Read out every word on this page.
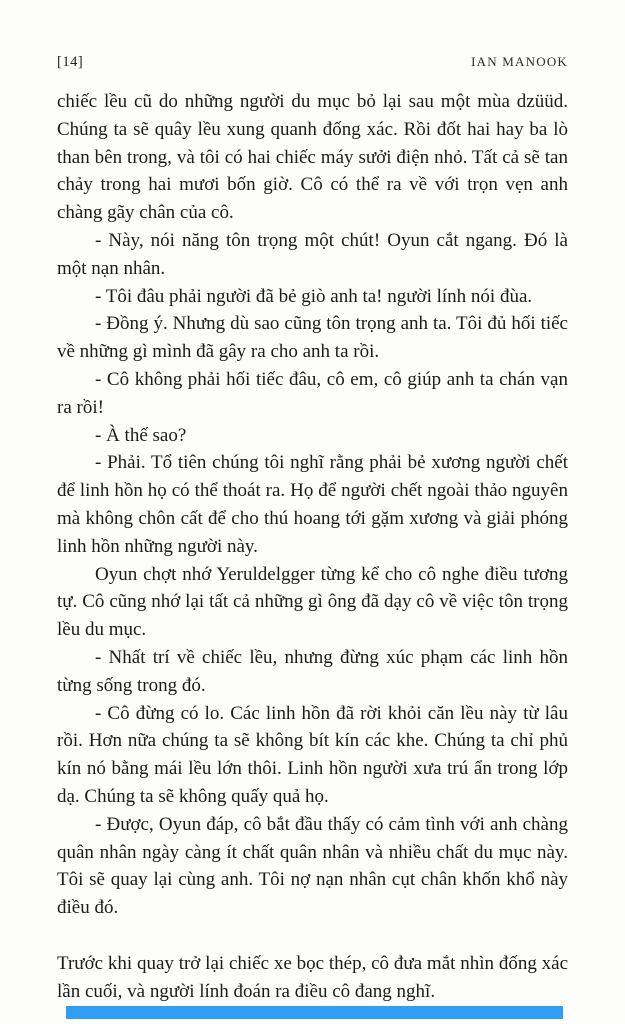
[14]	IAN MANOOK

chiếc lều cũ do những người du mục bỏ lại sau một mùa dzüüd. Chúng ta sẽ quây lều xung quanh đống xác. Rồi đốt hai hay ba lò than bên trong, và tôi có hai chiếc máy sưởi điện nhỏ. Tất cả sẽ tan chảy trong hai mươi bốn giờ. Cô có thể ra về với trọn vẹn anh chàng gãy chân của cô.

- Này, nói năng tôn trọng một chút! Oyun cắt ngang. Đó là một nạn nhân.

- Tôi đâu phải người đã bẻ giò anh ta! người lính nói đùa.

- Đồng ý. Nhưng dù sao cũng tôn trọng anh ta. Tôi đủ hối tiếc về những gì mình đã gây ra cho anh ta rồi.

- Cô không phải hối tiếc đâu, cô em, cô giúp anh ta chán vạn ra rồi!

- À thế sao?

- Phải. Tổ tiên chúng tôi nghĩ rằng phải bẻ xương người chết để linh hồn họ có thể thoát ra. Họ để người chết ngoài thảo nguyên mà không chôn cất để cho thú hoang tới gặm xương và giải phóng linh hồn những người này.

Oyun chợt nhớ Yeruldelgger từng kể cho cô nghe điều tương tự. Cô cũng nhớ lại tất cả những gì ông đã dạy cô về việc tôn trọng lều du mục.

- Nhất trí về chiếc lều, nhưng đừng xúc phạm các linh hồn từng sống trong đó.

- Cô đừng có lo. Các linh hồn đã rời khỏi căn lều này từ lâu rồi. Hơn nữa chúng ta sẽ không bít kín các khe. Chúng ta chỉ phủ kín nó bằng mái lều lớn thôi. Linh hồn người xưa trú ẩn trong lớp dạ. Chúng ta sẽ không quấy quả họ.

- Được, Oyun đáp, cô bắt đầu thấy có cảm tình với anh chàng quân nhân ngày càng ít chất quân nhân và nhiều chất du mục này. Tôi sẽ quay lại cùng anh. Tôi nợ nạn nhân cụt chân khốn khổ này điều đó.

Trước khi quay trở lại chiếc xe bọc thép, cô đưa mắt nhìn đống xác lần cuối, và người lính đoán ra điều cô đang nghĩ.
